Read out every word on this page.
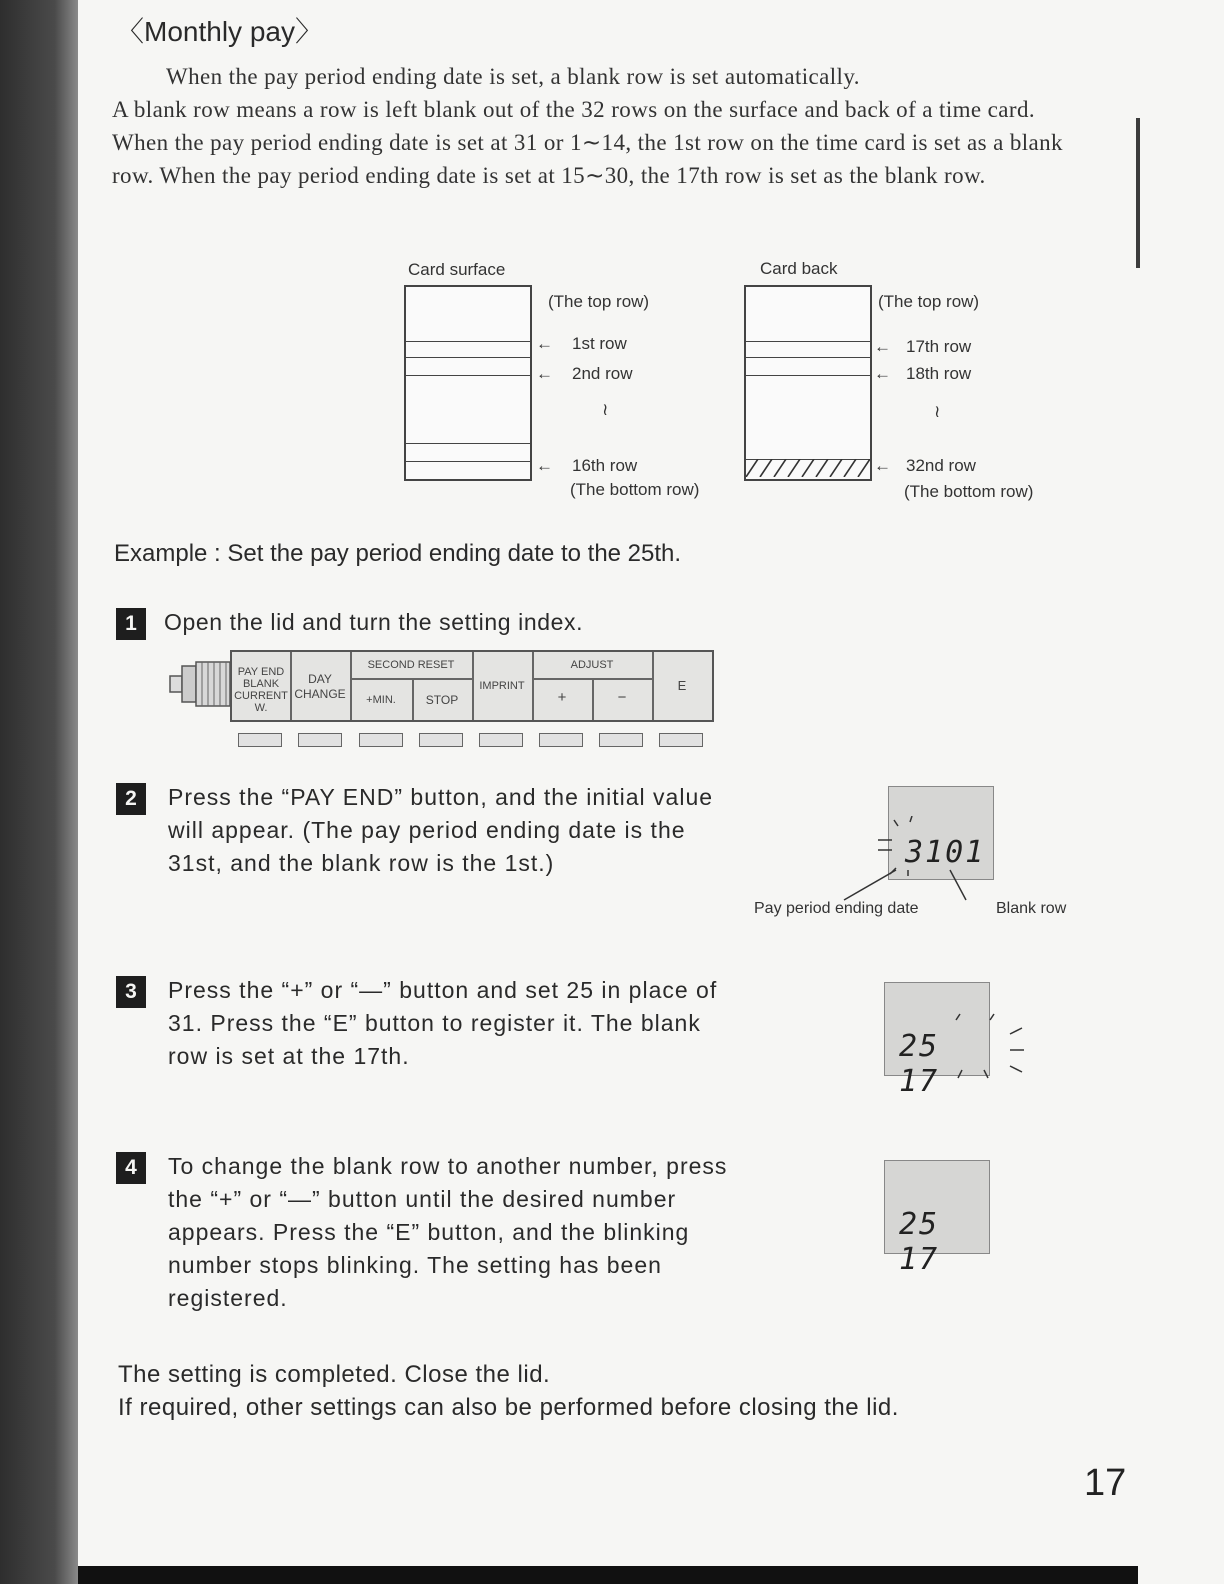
〈Monthly pay〉

When the pay period ending date is set, a blank row is set automatically.

A blank row means a row is left blank out of the 32 rows on the surface and back of a time card. When the pay period ending date is set at 31 or 1∼14, the 1st row on the time card is set as a blank row. When the pay period ending date is set at 15∼30, the 17th row is set as the blank row.

Card surface
(The top row)
← 1st row
← 2nd row
≀
← 16th row
(The bottom row)
Card back
(The top row)
← 17th row
← 18th row
≀
← 32nd row
(The bottom row)
Example : Set the pay period ending date to the 25th.
1	Open the lid and turn the setting index.
PAY END
BLANK
CURRENT W.
DAY
CHANGE
SECOND RESET
+MIN.	STOP
IMPRINT
ADJUST
+	−
E
2	Press the “PAY END” button, and the initial value will appear. (The pay period ending date is the 31st, and the blank row is the 1st.)	3101
Pay period ending date	Blank row
3	Press the “+” or “—” button and set 25 in place of 31. Press the “E” button to register it. The blank row is set at the 17th.	25 17
4	To change the blank row to another number, press the “+” or “—” button until the desired number appears. Press the “E” button, and the blinking number stops blinking. The setting has been registered.
25 17
The setting is completed. Close the lid.
If required, other settings can also be performed before closing the lid.
17
